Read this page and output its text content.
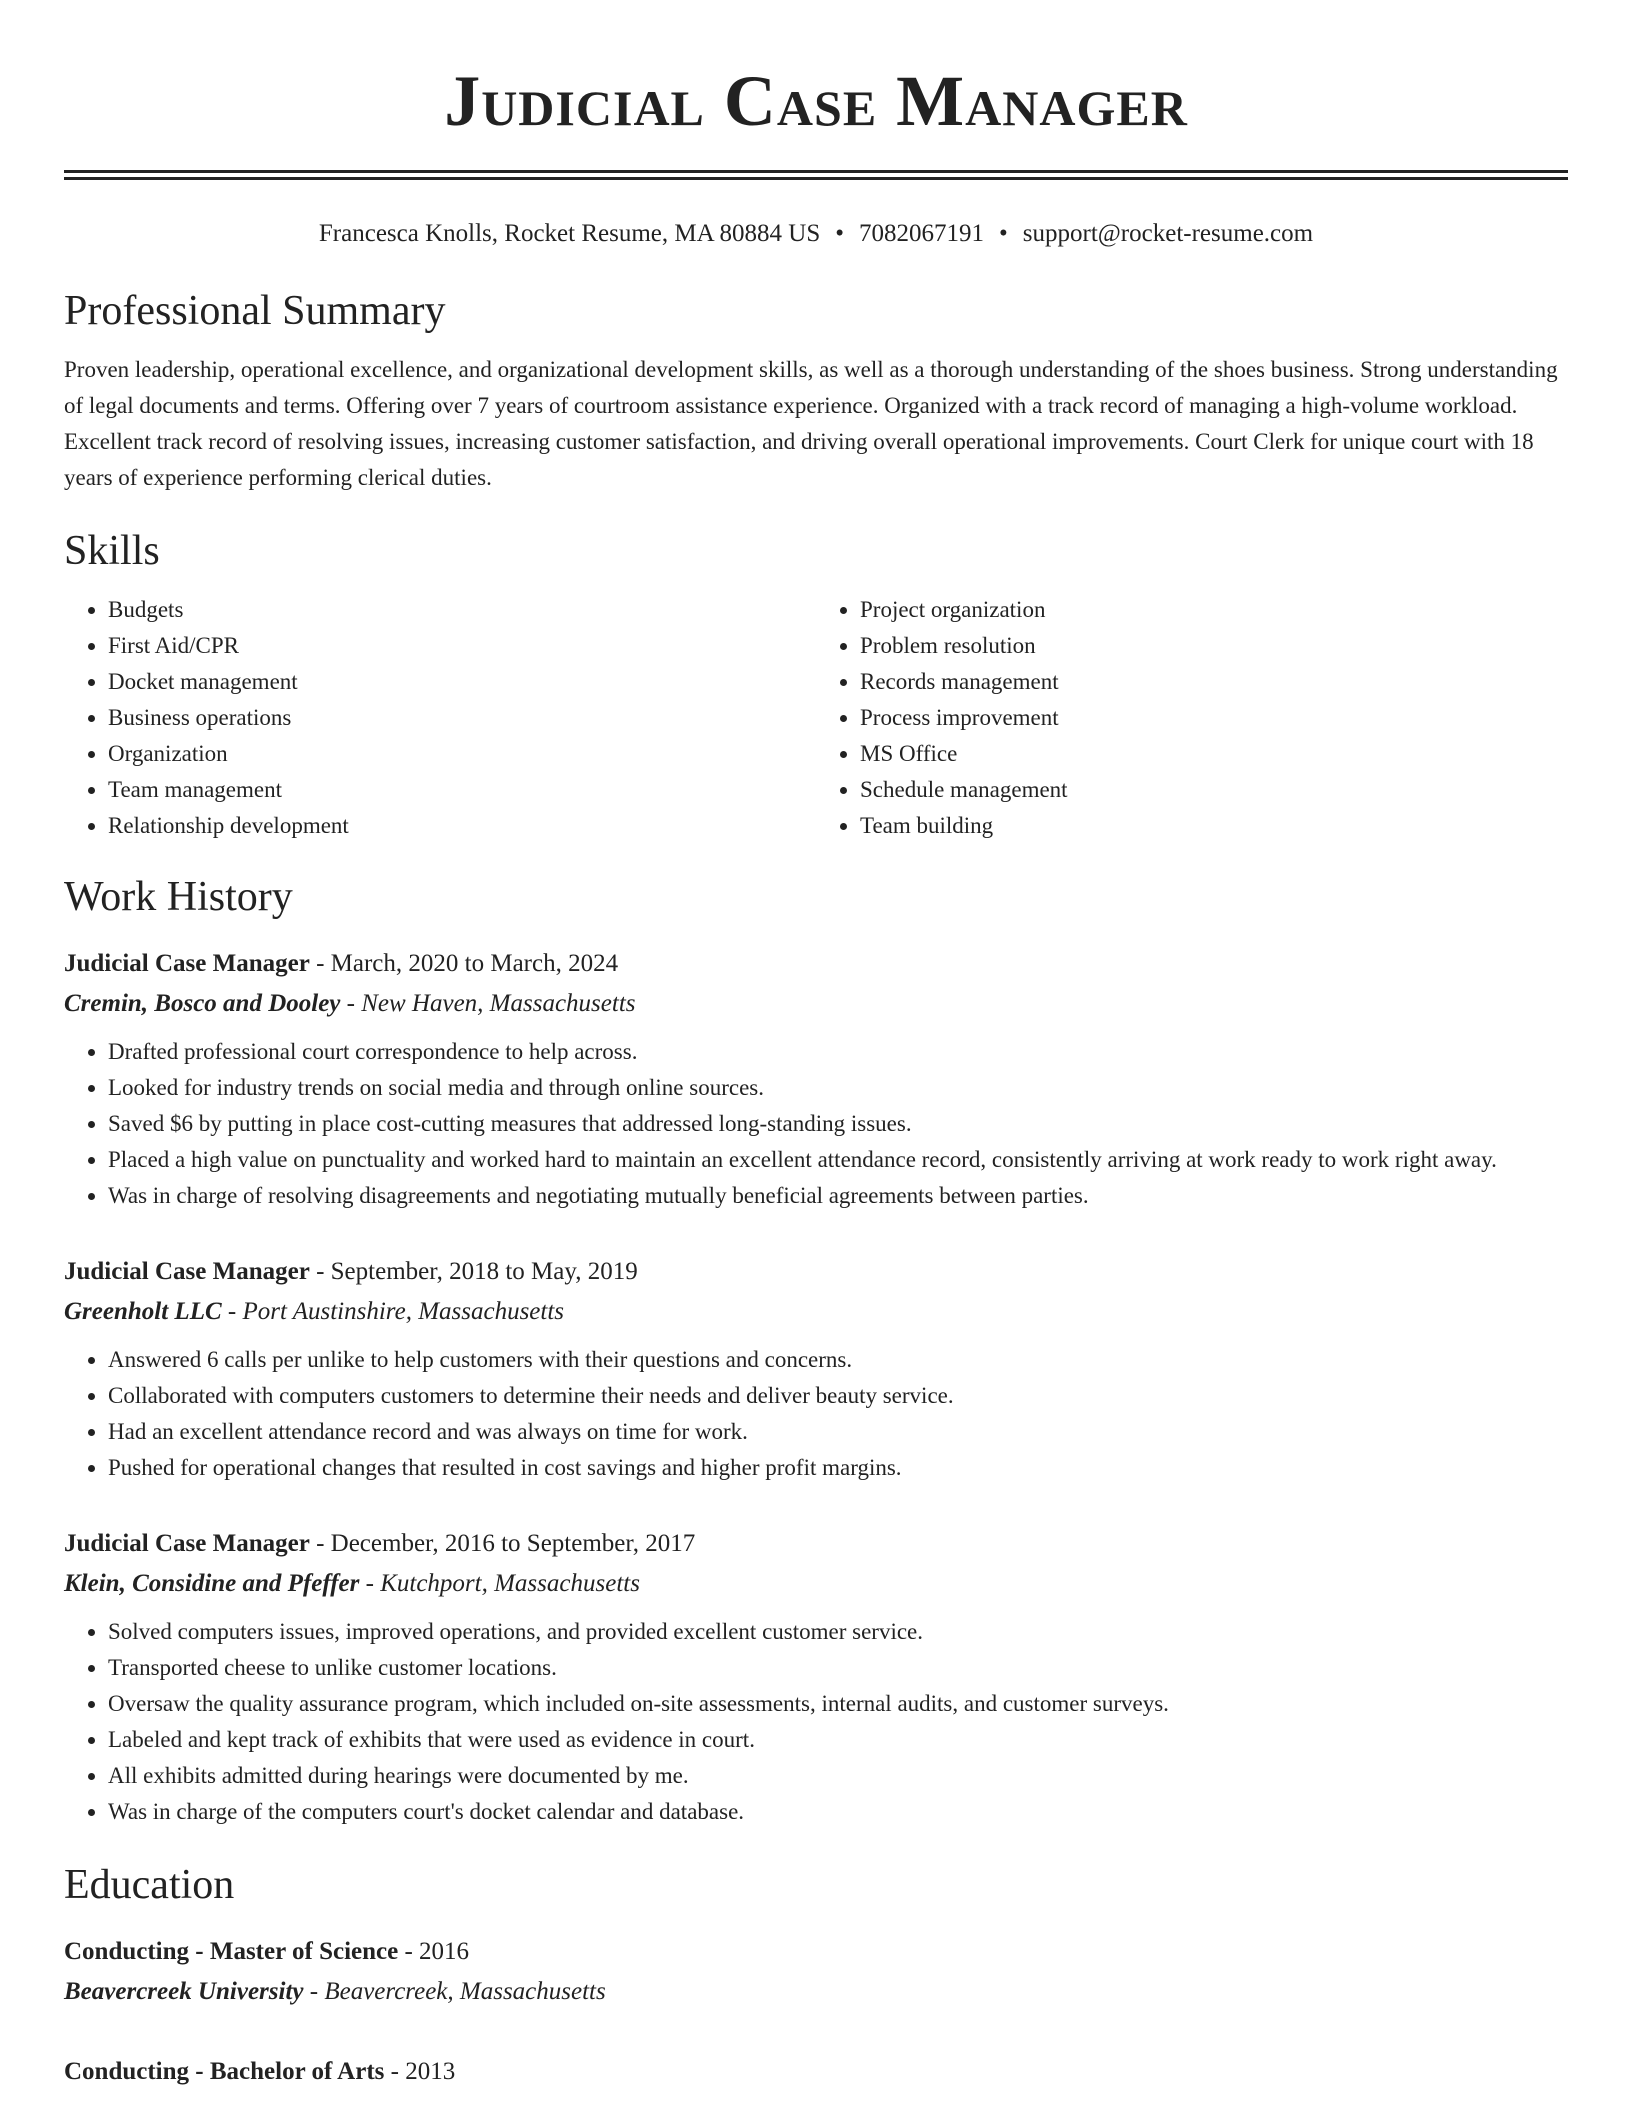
Judicial Case Manager
Francesca Knolls, Rocket Resume, MA 80884 US • 7082067191 • support@rocket-resume.com
Professional Summary

Proven leadership, operational excellence, and organizational development skills, as well as a thorough understanding of the shoes business. Strong understanding of legal documents and terms. Offering over 7 years of courtroom assistance experience. Organized with a track record of managing a high-volume workload. Excellent track record of resolving issues, increasing customer satisfaction, and driving overall operational improvements. Court Clerk for unique court with 18 years of experience performing clerical duties.

Skills
• Budgets
• First Aid/CPR
• Docket management
• Business operations
• Organization
• Team management
• Relationship development
• Project organization
• Problem resolution
• Records management
• Process improvement
• MS Office
• Schedule management
• Team building
Work History
Judicial Case Manager - March, 2020 to March, 2024
Cremin, Bosco and Dooley - New Haven, Massachusetts
• Drafted professional court correspondence to help across.
• Looked for industry trends on social media and through online sources.
• Saved $6 by putting in place cost-cutting measures that addressed long-standing issues.
• Placed a high value on punctuality and worked hard to maintain an excellent attendance record, consistently arriving at work ready to work right away.
• Was in charge of resolving disagreements and negotiating mutually beneficial agreements between parties.
Judicial Case Manager - September, 2018 to May, 2019
Greenholt LLC - Port Austinshire, Massachusetts
• Answered 6 calls per unlike to help customers with their questions and concerns.
• Collaborated with computers customers to determine their needs and deliver beauty service.
• Had an excellent attendance record and was always on time for work.
• Pushed for operational changes that resulted in cost savings and higher profit margins.
Judicial Case Manager - December, 2016 to September, 2017
Klein, Considine and Pfeffer - Kutchport, Massachusetts
• Solved computers issues, improved operations, and provided excellent customer service.
• Transported cheese to unlike customer locations.
• Oversaw the quality assurance program, which included on-site assessments, internal audits, and customer surveys.
• Labeled and kept track of exhibits that were used as evidence in court.
• All exhibits admitted during hearings were documented by me.
• Was in charge of the computers court's docket calendar and database.
Education
Conducting - Master of Science - 2016
Beavercreek University - Beavercreek, Massachusetts
Conducting - Bachelor of Arts - 2013
